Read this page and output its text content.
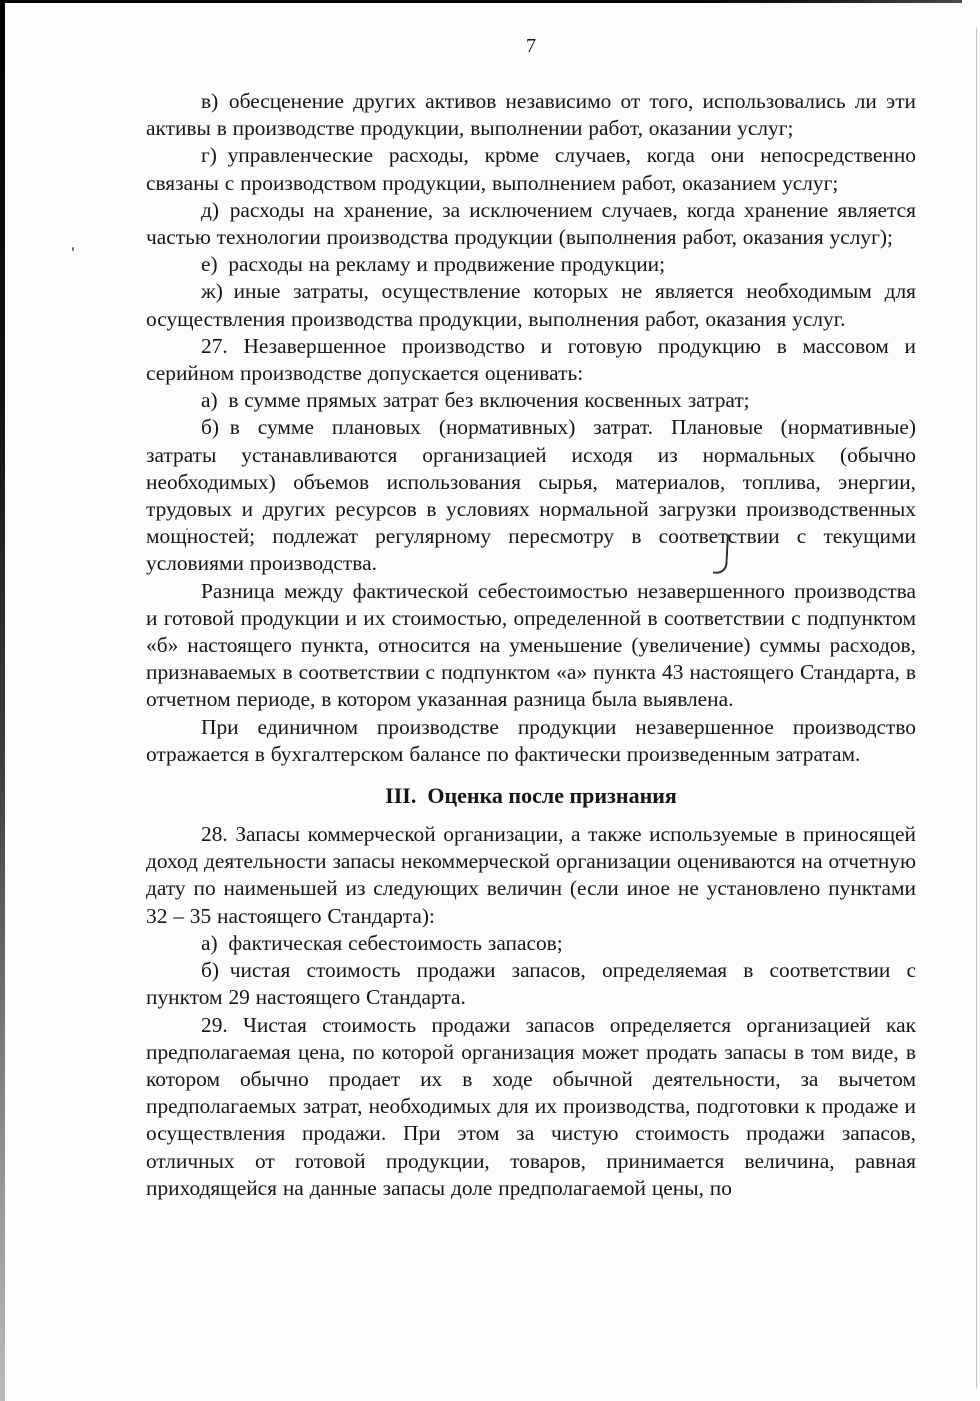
7

в) обесценение других активов независимо от того, использовались ли эти активы в производстве продукции, выполнении работ, оказании услуг;

г) управленческие расходы, кроме случаев, когда они непосредственно связаны с производством продукции, выполнением работ, оказанием услуг;

д) расходы на хранение, за исключением случаев, когда хранение является частью технологии производства продукции (выполнения работ, оказания услуг);

е) расходы на рекламу и продвижение продукции;

ж) иные затраты, осуществление которых не является необходимым для осуществления производства продукции, выполнения работ, оказания услуг.

27. Незавершенное производство и готовую продукцию в массовом и серийном производстве допускается оценивать:

а) в сумме прямых затрат без включения косвенных затрат;

б) в сумме плановых (нормативных) затрат. Плановые (нормативные) затраты устанавливаются организацией исходя из нормальных (обычно необходимых) объемов использования сырья, материалов, топлива, энергии, трудовых и других ресурсов в условиях нормальной загрузки производственных мощностей; подлежат регулярному пересмотру в соответствии с текущими условиями производства.

Разница между фактической себестоимостью незавершенного производства и готовой продукции и их стоимостью, определенной в соответствии с подпунктом «б» настоящего пункта, относится на уменьшение (увеличение) суммы расходов, признаваемых в соответствии с подпунктом «а» пункта 43 настоящего Стандарта, в отчетном периоде, в котором указанная разница была выявлена.

При единичном производстве продукции незавершенное производство отражается в бухгалтерском балансе по фактически произведенным затратам.

III. Оценка после признания

28. Запасы коммерческой организации, а также используемые в приносящей доход деятельности запасы некоммерческой организации оцениваются на отчетную дату по наименьшей из следующих величин (если иное не установлено пунктами 32 – 35 настоящего Стандарта):

а) фактическая себестоимость запасов;

б) чистая стоимость продажи запасов, определяемая в соответствии с пунктом 29 настоящего Стандарта.

29. Чистая стоимость продажи запасов определяется организацией как предполагаемая цена, по которой организация может продать запасы в том виде, в котором обычно продает их в ходе обычной деятельности, за вычетом предполагаемых затрат, необходимых для их производства, подготовки к продаже и осуществления продажи. При этом за чистую стоимость продажи запасов, отличных от готовой продукции, товаров, принимается величина, равная приходящейся на данные запасы доле предполагаемой цены, по
